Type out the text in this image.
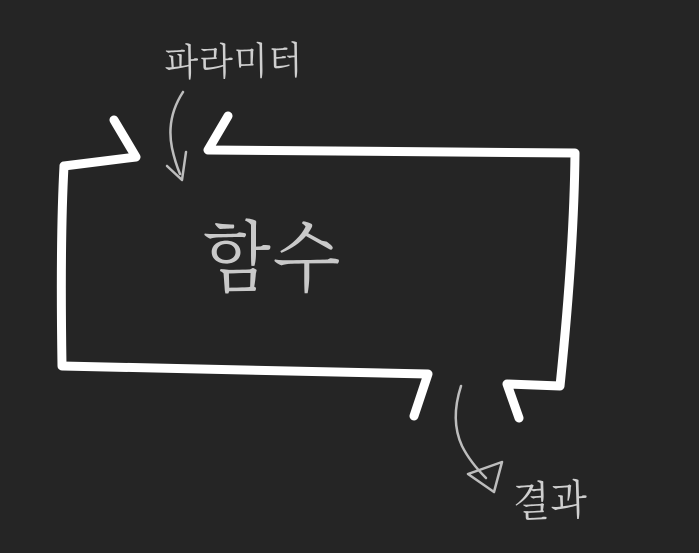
파라미터
함수
결과
